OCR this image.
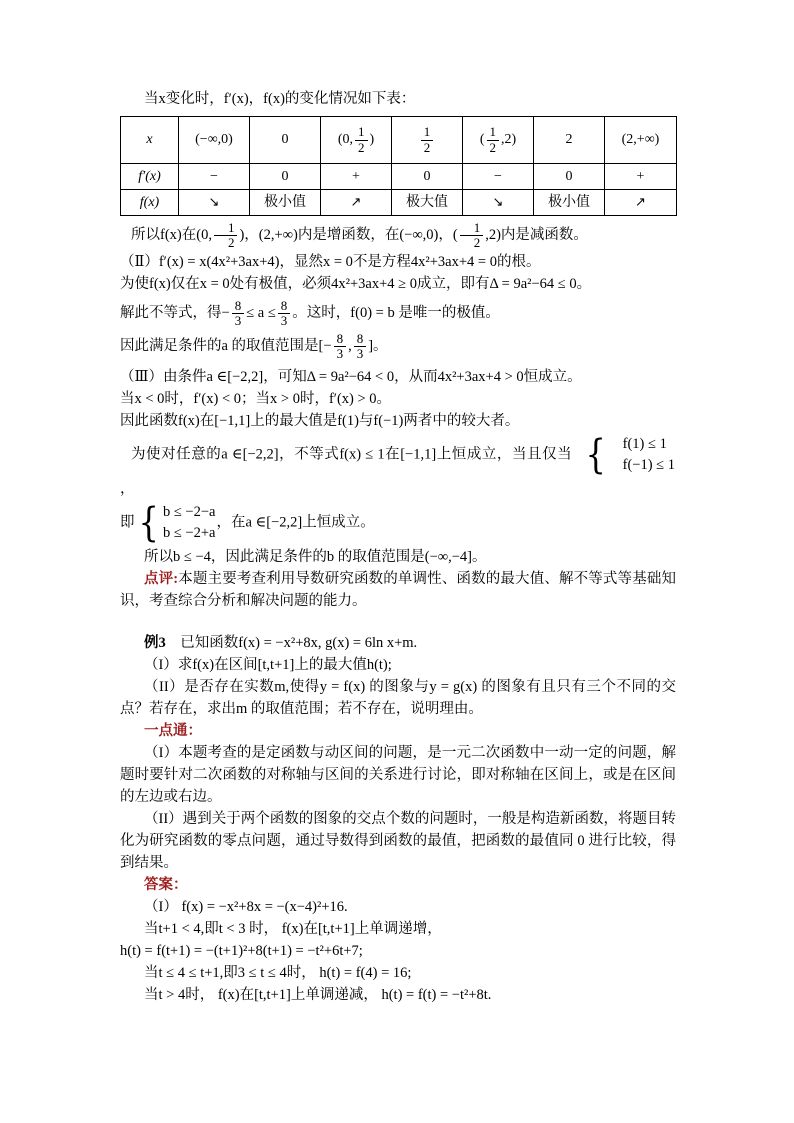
当x变化时，f′(x)，f(x)的变化情况如下表：

x	(−∞,0)	0	(0, $\frac{1}{2}$ )	$\frac{1}{2}$	( $\frac{1}{2} ,2$)	2	(2,+∞)
f′(x)	−	0	+	0	−	0	+
f(x)	↘	极小值	↗	极大值	↘	极小值	↗

所以f(x)在(0, $\frac{1}{2}$ )，(2,+∞)内是增函数，在(−∞,0)，( $\frac{1}{2} ,2$)内是减函数。

（Ⅱ）f′(x) = x(4x²+3ax+4)，显然x = 0不是方程4x²+3ax+4 = 0的根。

为使f(x)仅在x = 0处有极值，必须4x²+3ax+4 ≥ 0成立，即有Δ = 9a²−64 ≤ 0。

解此不等式，得− $\frac{8}{3} \le a \le \frac{8}{3}$ 。这时，f(0) = b 是唯一的极值。

因此满足条件的a 的取值范围是[− $\frac{8}{3}$ , $\frac{8}{3}$ ]。

（Ⅲ）由条件a ∈[−2,2]，可知Δ = 9a²−64 < 0，从而4x²+3ax+4 > 0恒成立。

当x < 0时，f′(x) < 0；当x > 0时，f′(x) > 0。

因此函数f(x)在[−1,1]上的最大值是f(1)与f(−1)两者中的较大者。

为使对任意的a ∈[−2,2]，不等式f(x) ≤ 1在[−1,1]上恒成立，当且仅当 {	f(1) ≤ 1
f(−1) ≤ 1
，

即 { b ≤ −2−a
b ≤ −2+a
，在a ∈[−2,2]上恒成立。

所以b ≤ −4，因此满足条件的b 的取值范围是(−∞,−4]。

点评:本题主要考查利用导数研究函数的单调性、函数的最大值、解不等式等基础知识，考查综合分析和解决问题的能力。

例3　 已知函数f(x) = −x²+8x, g(x) = 6ln x+m.

（I）求f(x)在区间[t,t+1]上的最大值h(t);

（II）是否存在实数m,使得y = f(x) 的图象与y = g(x) 的图象有且只有三个不同的交点？若存在，求出m 的取值范围；若不存在，说明理由。

一点通：

（I）本题考查的是定函数与动区间的问题，是一元二次函数中一动一定的问题，解题时要针对二次函数的对称轴与区间的关系进行讨论，即对称轴在区间上，或是在区间的左边或右边。

（II）遇到关于两个函数的图象的交点个数的问题时，一般是构造新函数，将题目转化为研究函数的零点问题，通过导数得到函数的最值，把函数的最值同 0 进行比较，得到结果。

答案：

（I） f(x) = −x²+8x = −(x−4)²+16.

当t+1 < 4,即t < 3 时， f(x)在[t,t+1]上单调递增，

h(t) = f(t+1) = −(t+1)²+8(t+1) = −t²+6t+7;

当t ≤ 4 ≤ t+1,即3 ≤ t ≤ 4时， h(t) = f(4) = 16;

当t > 4时， f(x)在[t,t+1]上单调递减， h(t) = f(t) = −t²+8t.
